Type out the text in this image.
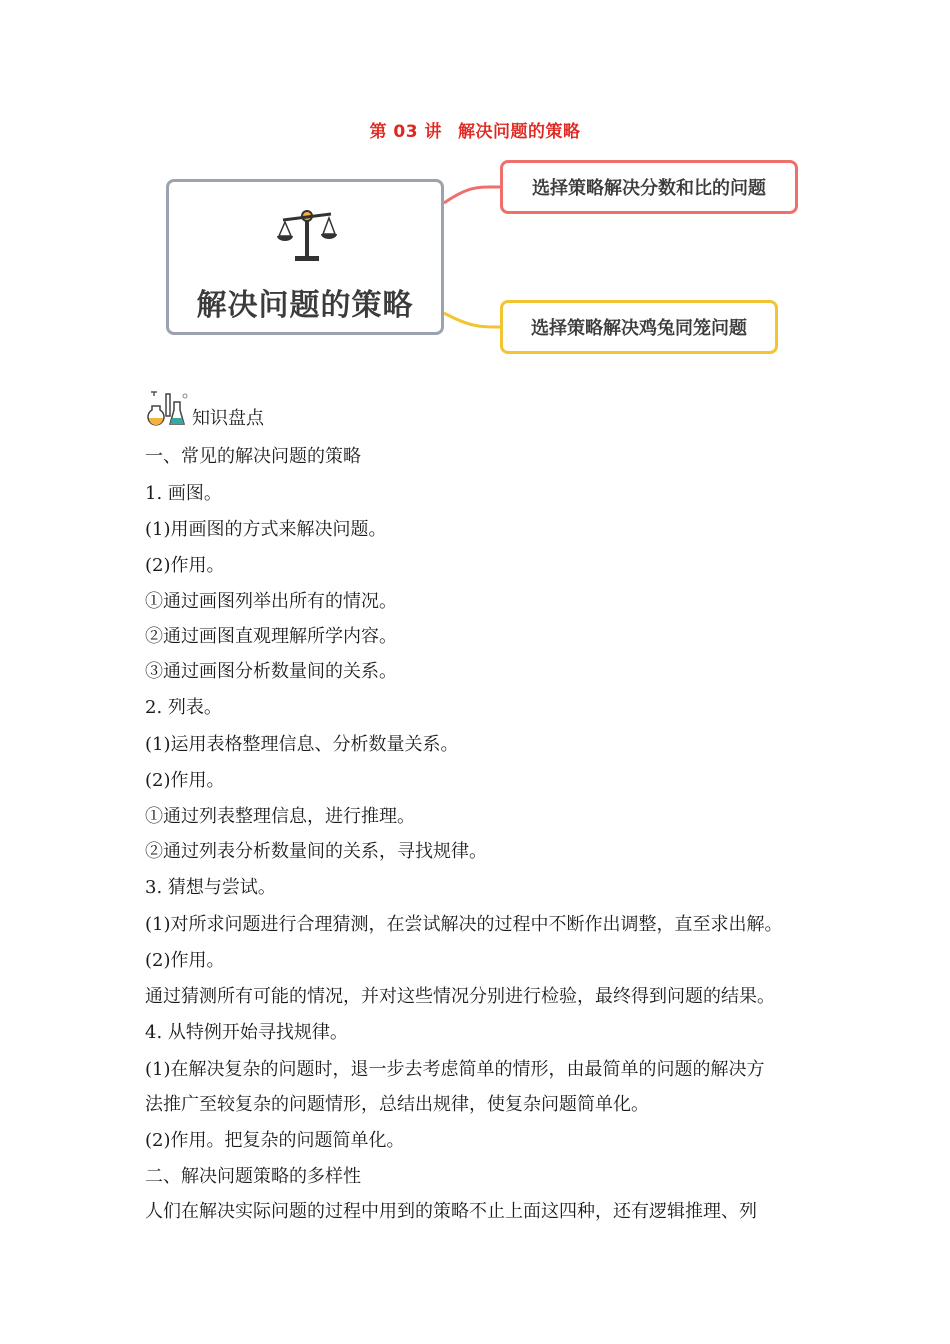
第 03 讲 解决问题的策略
解决问题的策略
选择策略解决分数和比的问题
选择策略解决鸡兔同笼问题
知识盘点
一、常见的解决问题的策略
1. 画图。
(1)用画图的方式来解决问题。
(2)作用。
①通过画图列举出所有的情况。
②通过画图直观理解所学内容。
③通过画图分析数量间的关系。
2. 列表。
(1)运用表格整理信息、分析数量关系。
(2)作用。
①通过列表整理信息，进行推理。
②通过列表分析数量间的关系，寻找规律。
3. 猜想与尝试。
(1)对所求问题进行合理猜测，在尝试解决的过程中不断作出调整，直至求出解。
(2)作用。
通过猜测所有可能的情况，并对这些情况分别进行检验，最终得到问题的结果。
4. 从特例开始寻找规律。
(1)在解决复杂的问题时，退一步去考虑简单的情形，由最简单的问题的解决方
法推广至较复杂的问题情形，总结出规律，使复杂问题简单化。
(2)作用。把复杂的问题简单化。
二、解决问题策略的多样性
人们在解决实际问题的过程中用到的策略不止上面这四种，还有逻辑推理、列
